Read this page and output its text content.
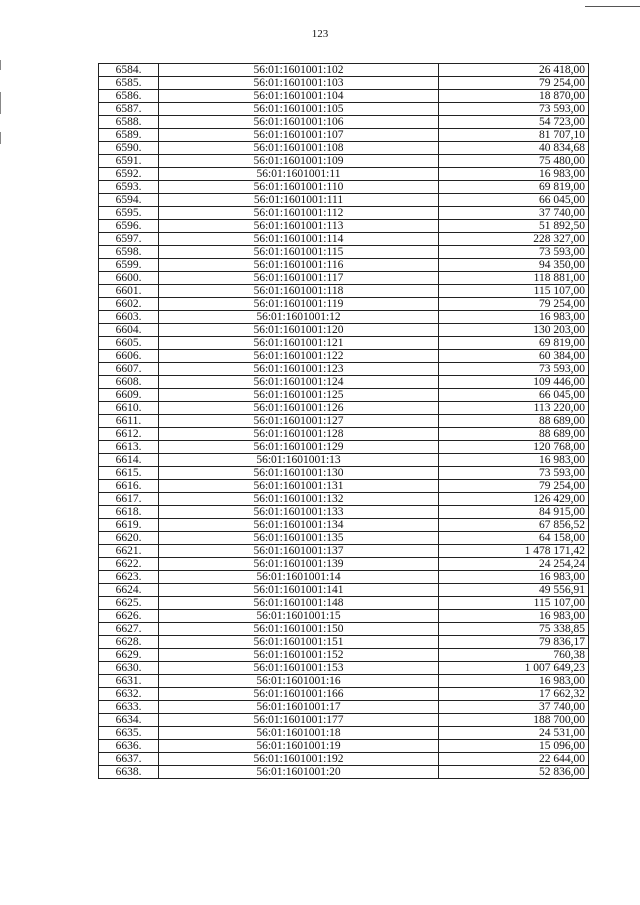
123
6584.	56:01:1601001:102	26 418,00
6585.	56:01:1601001:103	79 254,00
6586.	56:01:1601001:104	18 870,00
6587.	56:01:1601001:105	73 593,00
6588.	56:01:1601001:106	54 723,00
6589.	56:01:1601001:107	81 707,10
6590.	56:01:1601001:108	40 834,68
6591.	56:01:1601001:109	75 480,00
6592.	56:01:1601001:11	16 983,00
6593.	56:01:1601001:110	69 819,00
6594.	56:01:1601001:111	66 045,00
6595.	56:01:1601001:112	37 740,00
6596.	56:01:1601001:113	51 892,50
6597.	56:01:1601001:114	228 327,00
6598.	56:01:1601001:115	73 593,00
6599.	56:01:1601001:116	94 350,00
6600.	56:01:1601001:117	118 881,00
6601.	56:01:1601001:118	115 107,00
6602.	56:01:1601001:119	79 254,00
6603.	56:01:1601001:12	16 983,00
6604.	56:01:1601001:120	130 203,00
6605.	56:01:1601001:121	69 819,00
6606.	56:01:1601001:122	60 384,00
6607.	56:01:1601001:123	73 593,00
6608.	56:01:1601001:124	109 446,00
6609.	56:01:1601001:125	66 045,00
6610.	56:01:1601001:126	113 220,00
6611.	56:01:1601001:127	88 689,00
6612.	56:01:1601001:128	88 689,00
6613.	56:01:1601001:129	120 768,00
6614.	56:01:1601001:13	16 983,00
6615.	56:01:1601001:130	73 593,00
6616.	56:01:1601001:131	79 254,00
6617.	56:01:1601001:132	126 429,00
6618.	56:01:1601001:133	84 915,00
6619.	56:01:1601001:134	67 856,52
6620.	56:01:1601001:135	64 158,00
6621.	56:01:1601001:137	1 478 171,42
6622.	56:01:1601001:139	24 254,24
6623.	56:01:1601001:14	16 983,00
6624.	56:01:1601001:141	49 556,91
6625.	56:01:1601001:148	115 107,00
6626.	56:01:1601001:15	16 983,00
6627.	56:01:1601001:150	75 338,85
6628.	56:01:1601001:151	79 836,17
6629.	56:01:1601001:152	760,38
6630.	56:01:1601001:153	1 007 649,23
6631.	56:01:1601001:16	16 983,00
6632.	56:01:1601001:166	17 662,32
6633.	56:01:1601001:17	37 740,00
6634.	56:01:1601001:177	188 700,00
6635.	56:01:1601001:18	24 531,00
6636.	56:01:1601001:19	15 096,00
6637.	56:01:1601001:192	22 644,00
6638.	56:01:1601001:20	52 836,00
